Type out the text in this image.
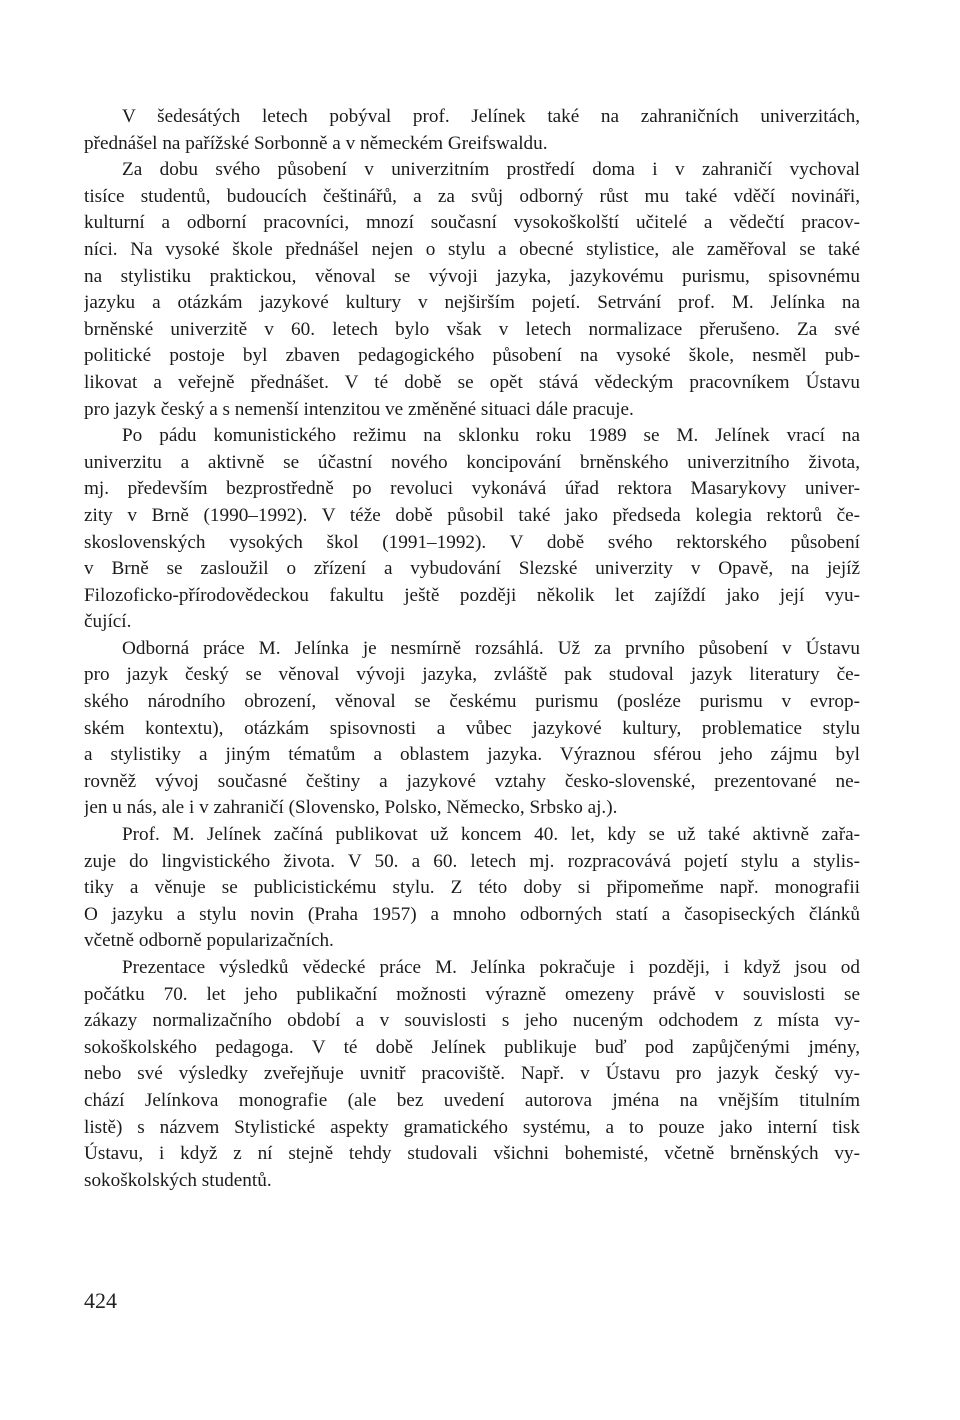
V šedesátých letech pobýval prof. Jelínek také na zahraničních univerzitách,
přednášel na pařížské Sorbonně a v německém Greifswaldu.
Za dobu svého působení v univerzitním prostředí doma i v zahraničí vychoval
tisíce studentů, budoucích češtinářů, a za svůj odborný růst mu také vděčí novináři,
kulturní a odborní pracovníci, mnozí současní vysokoškolští učitelé a vědečtí pracov-
níci. Na vysoké škole přednášel nejen o stylu a obecné stylistice, ale zaměřoval se také
na stylistiku praktickou, věnoval se vývoji jazyka, jazykovému purismu, spisovnému
jazyku a otázkám jazykové kultury v nejširším pojetí. Setrvání prof. M. Jelínka na
brněnské univerzitě v 60. letech bylo však v letech normalizace přerušeno. Za své
politické postoje byl zbaven pedagogického působení na vysoké škole, nesměl pub-
likovat a veřejně přednášet. V té době se opět stává vědeckým pracovníkem Ústavu
pro jazyk český a s nemenší intenzitou ve změněné situaci dále pracuje.
Po pádu komunistického režimu na sklonku roku 1989 se M. Jelínek vrací na
univerzitu a aktivně se účastní nového koncipování brněnského univerzitního života,
mj. především bezprostředně po revoluci vykonává úřad rektora Masarykovy univer-
zity v Brně (1990–1992). V téže době působil také jako předseda kolegia rektorů če-
skoslovenských vysokých škol (1991–1992). V době svého rektorského působení
v Brně se zasloužil o zřízení a vybudování Slezské univerzity v Opavě, na jejíž
Filozoficko-přírodovědeckou fakultu ještě později několik let zajíždí jako její vyu-
čující.
Odborná práce M. Jelínka je nesmírně rozsáhlá. Už za prvního působení v Ústavu
pro jazyk český se věnoval vývoji jazyka, zvláště pak studoval jazyk literatury če-
ského národního obrození, věnoval se českému purismu (posléze purismu v evrop-
ském kontextu), otázkám spisovnosti a vůbec jazykové kultury, problematice stylu
a stylistiky a jiným tématům a oblastem jazyka. Výraznou sférou jeho zájmu byl
rovněž vývoj současné češtiny a jazykové vztahy česko-slovenské, prezentované ne-
jen u nás, ale i v zahraničí (Slovensko, Polsko, Německo, Srbsko aj.).
Prof. M. Jelínek začíná publikovat už koncem 40. let, kdy se už také aktivně zařa-
zuje do lingvistického života. V 50. a 60. letech mj. rozpracovává pojetí stylu a stylis-
tiky a věnuje se publicistickému stylu. Z této doby si připomeňme např. monografii
O jazyku a stylu novin (Praha 1957) a mnoho odborných statí a časopiseckých článků
včetně odborně popularizačních.
Prezentace výsledků vědecké práce M. Jelínka pokračuje i později, i když jsou od
počátku 70. let jeho publikační možnosti výrazně omezeny právě v souvislosti se
zákazy normalizačního období a v souvislosti s jeho nuceným odchodem z místa vy-
sokoškolského pedagoga. V té době Jelínek publikuje buď pod zapůjčenými jmény,
nebo své výsledky zveřejňuje uvnitř pracoviště. Např. v Ústavu pro jazyk český vy-
chází Jelínkova monografie (ale bez uvedení autorova jména na vnějším titulním
listě) s názvem Stylistické aspekty gramatického systému, a to pouze jako interní tisk
Ústavu, i když z ní stejně tehdy studovali všichni bohemisté, včetně brněnských vy-
sokoškolských studentů.
424
